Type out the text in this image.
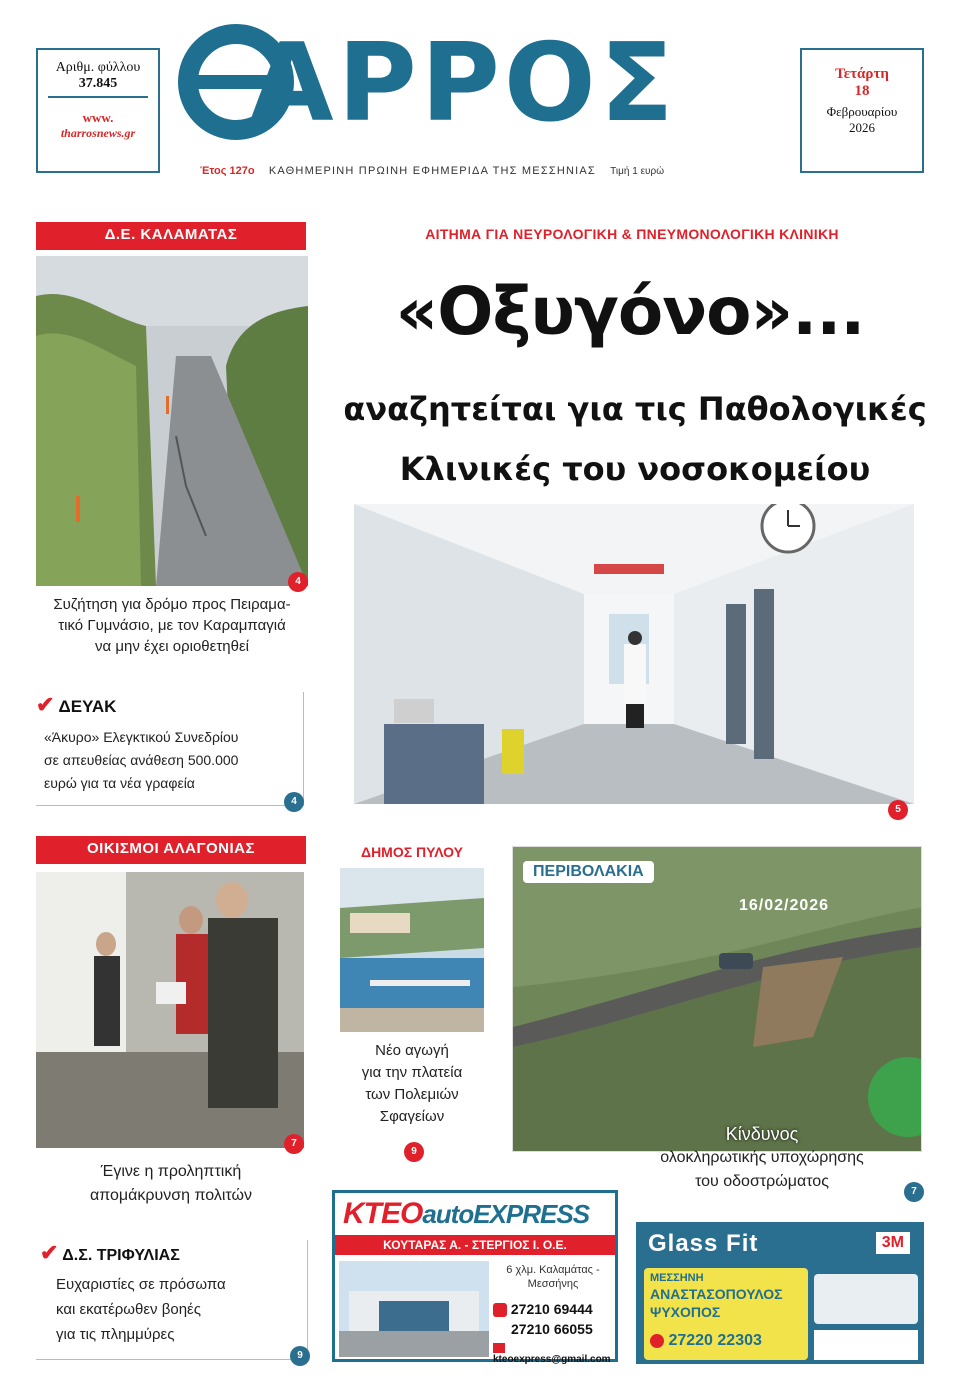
Αριθμ. φύλλου
37.845
www.
tharrosnews.gr ΑΡΡΟΣ	Τετάρτη
18
Φεβρουαρίου
2026
Έτος 127ο ΚΑΘΗΜΕΡΙΝΗ ΠΡΩΙΝΗ ΕΦΗΜΕΡΙΔΑ ΤΗΣ ΜΕΣΣΗΝΙΑΣ Τιμή 1 ευρώ
Δ.Ε. ΚΑΛΑΜΑΤΑΣ
4
Συζήτηση για δρόμο προς Πειραμα-
τικό Γυμνάσιο, με τον Καραμπαγιά
να μην έχει οριοθετηθεί
✔ ΔΕΥΑΚ
«Άκυρο» Ελεγκτικού Συνεδρίου
σε απευθείας ανάθεση 500.000
ευρώ για τα νέα γραφεία
4
ΑΙΤΗΜΑ ΓΙΑ ΝΕΥΡΟΛΟΓΙΚΗ & ΠΝΕΥΜΟΝΟΛΟΓΙΚΗ ΚΛΙΝΙΚΗ
«Οξυγόνο»...
αναζητείται για τις Παθολογικές
Κλινικές του νοσοκομείου
5
ΟΙΚΙΣΜΟΙ ΑΛΑΓΟΝΙΑΣ
7
Έγινε η προληπτική
απομάκρυνση πολιτών
✔ Δ.Σ. ΤΡΙΦΥΛΙΑΣ
Ευχαριστίες σε πρόσωπα
και εκατέρωθεν βοηές
για τις πλημμύρες
9
ΔΗΜΟΣ ΠΥΛΟΥ
Νέο αγωγή
για την πλατεία
των Πολεμιών
Σφαγείων
9
ΠΕΡΙΒΟΛΑΚΙΑ
16/02/2026
Κίνδυνος
ολοκληρωτικής υποχώρησης
του οδοστρώματος
7
ΚΤΕΟautoEXPRESS
ΚΟΥΤΑΡΑΣ Α. - ΣΤΕΡΓΙΟΣ Ι. Ο.Ε.
6 χλμ. Καλαμάτας -
Μεσσήνης
27210 69444
27210 66055
kteoexpress@gmail.com
Glass Fit	3M
ΜΕΣΣΗΝΗ
ΑΝΑΣΤΑΣΟΠΟΥΛΟΣ
ΨΥΧΟΠΟΣ
27220 22303
